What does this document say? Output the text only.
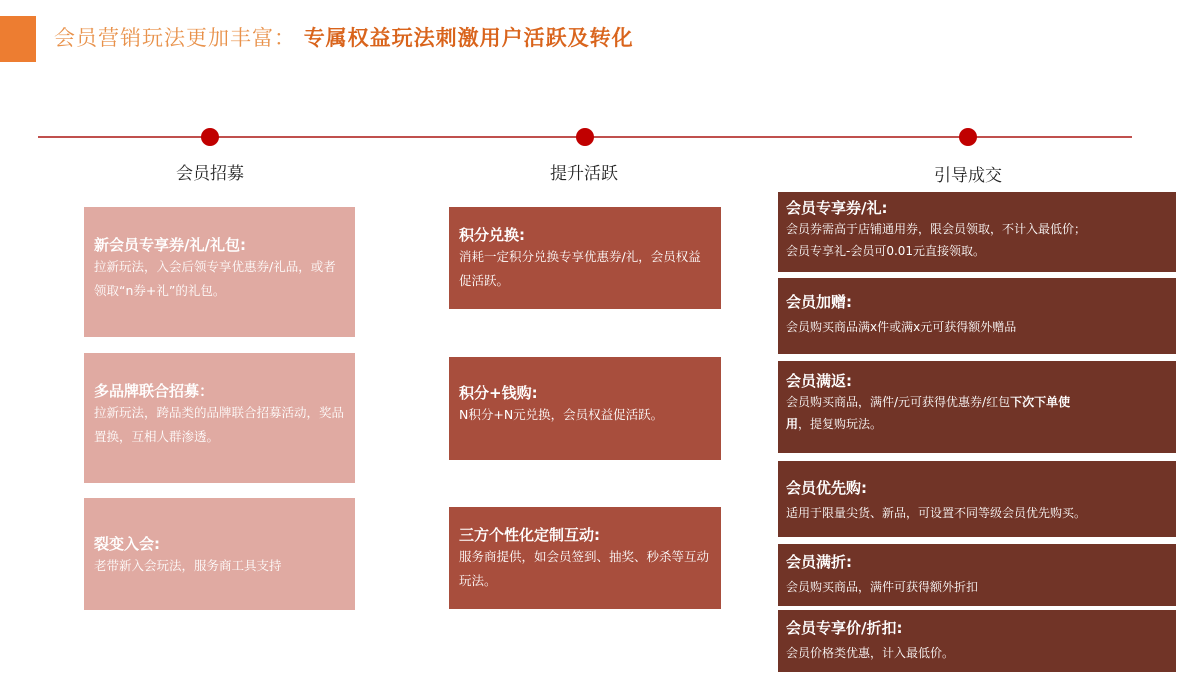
会员营销玩法更加丰富： 专属权益玩法刺激用户活跃及转化
会员招募	提升活跃	引导成交
新会员专享券/礼/礼包:
拉新玩法，入会后领专享优惠券/礼品，或者领取“n券+礼”的礼包。
多品牌联合招募：
拉新玩法，跨品类的品牌联合招募活动，奖品置换，互相人群渗透。
裂变入会:
老带新入会玩法，服务商工具支持
积分兑换:
消耗一定积分兑换专享优惠券/礼，会员权益促活跃。
积分+钱购:
N积分+N元兑换，会员权益促活跃。
三方个性化定制互动:
服务商提供，如会员签到、抽奖、秒杀等互动玩法。
会员专享券/礼:
会员券需高于店铺通用券，限会员领取，不计入最低价；
会员专享礼-会员可0.01元直接领取。
会员加赠:
会员购买商品满x件或满x元可获得额外赠品
会员满返:
会员购买商品，满件/元可获得优惠券/红包下次下单使
用，提复购玩法。
会员优先购:
适用于限量尖货、新品，可设置不同等级会员优先购买。
会员满折:
会员购买商品，满件可获得额外折扣
会员专享价/折扣:
会员价格类优惠，计入最低价。
